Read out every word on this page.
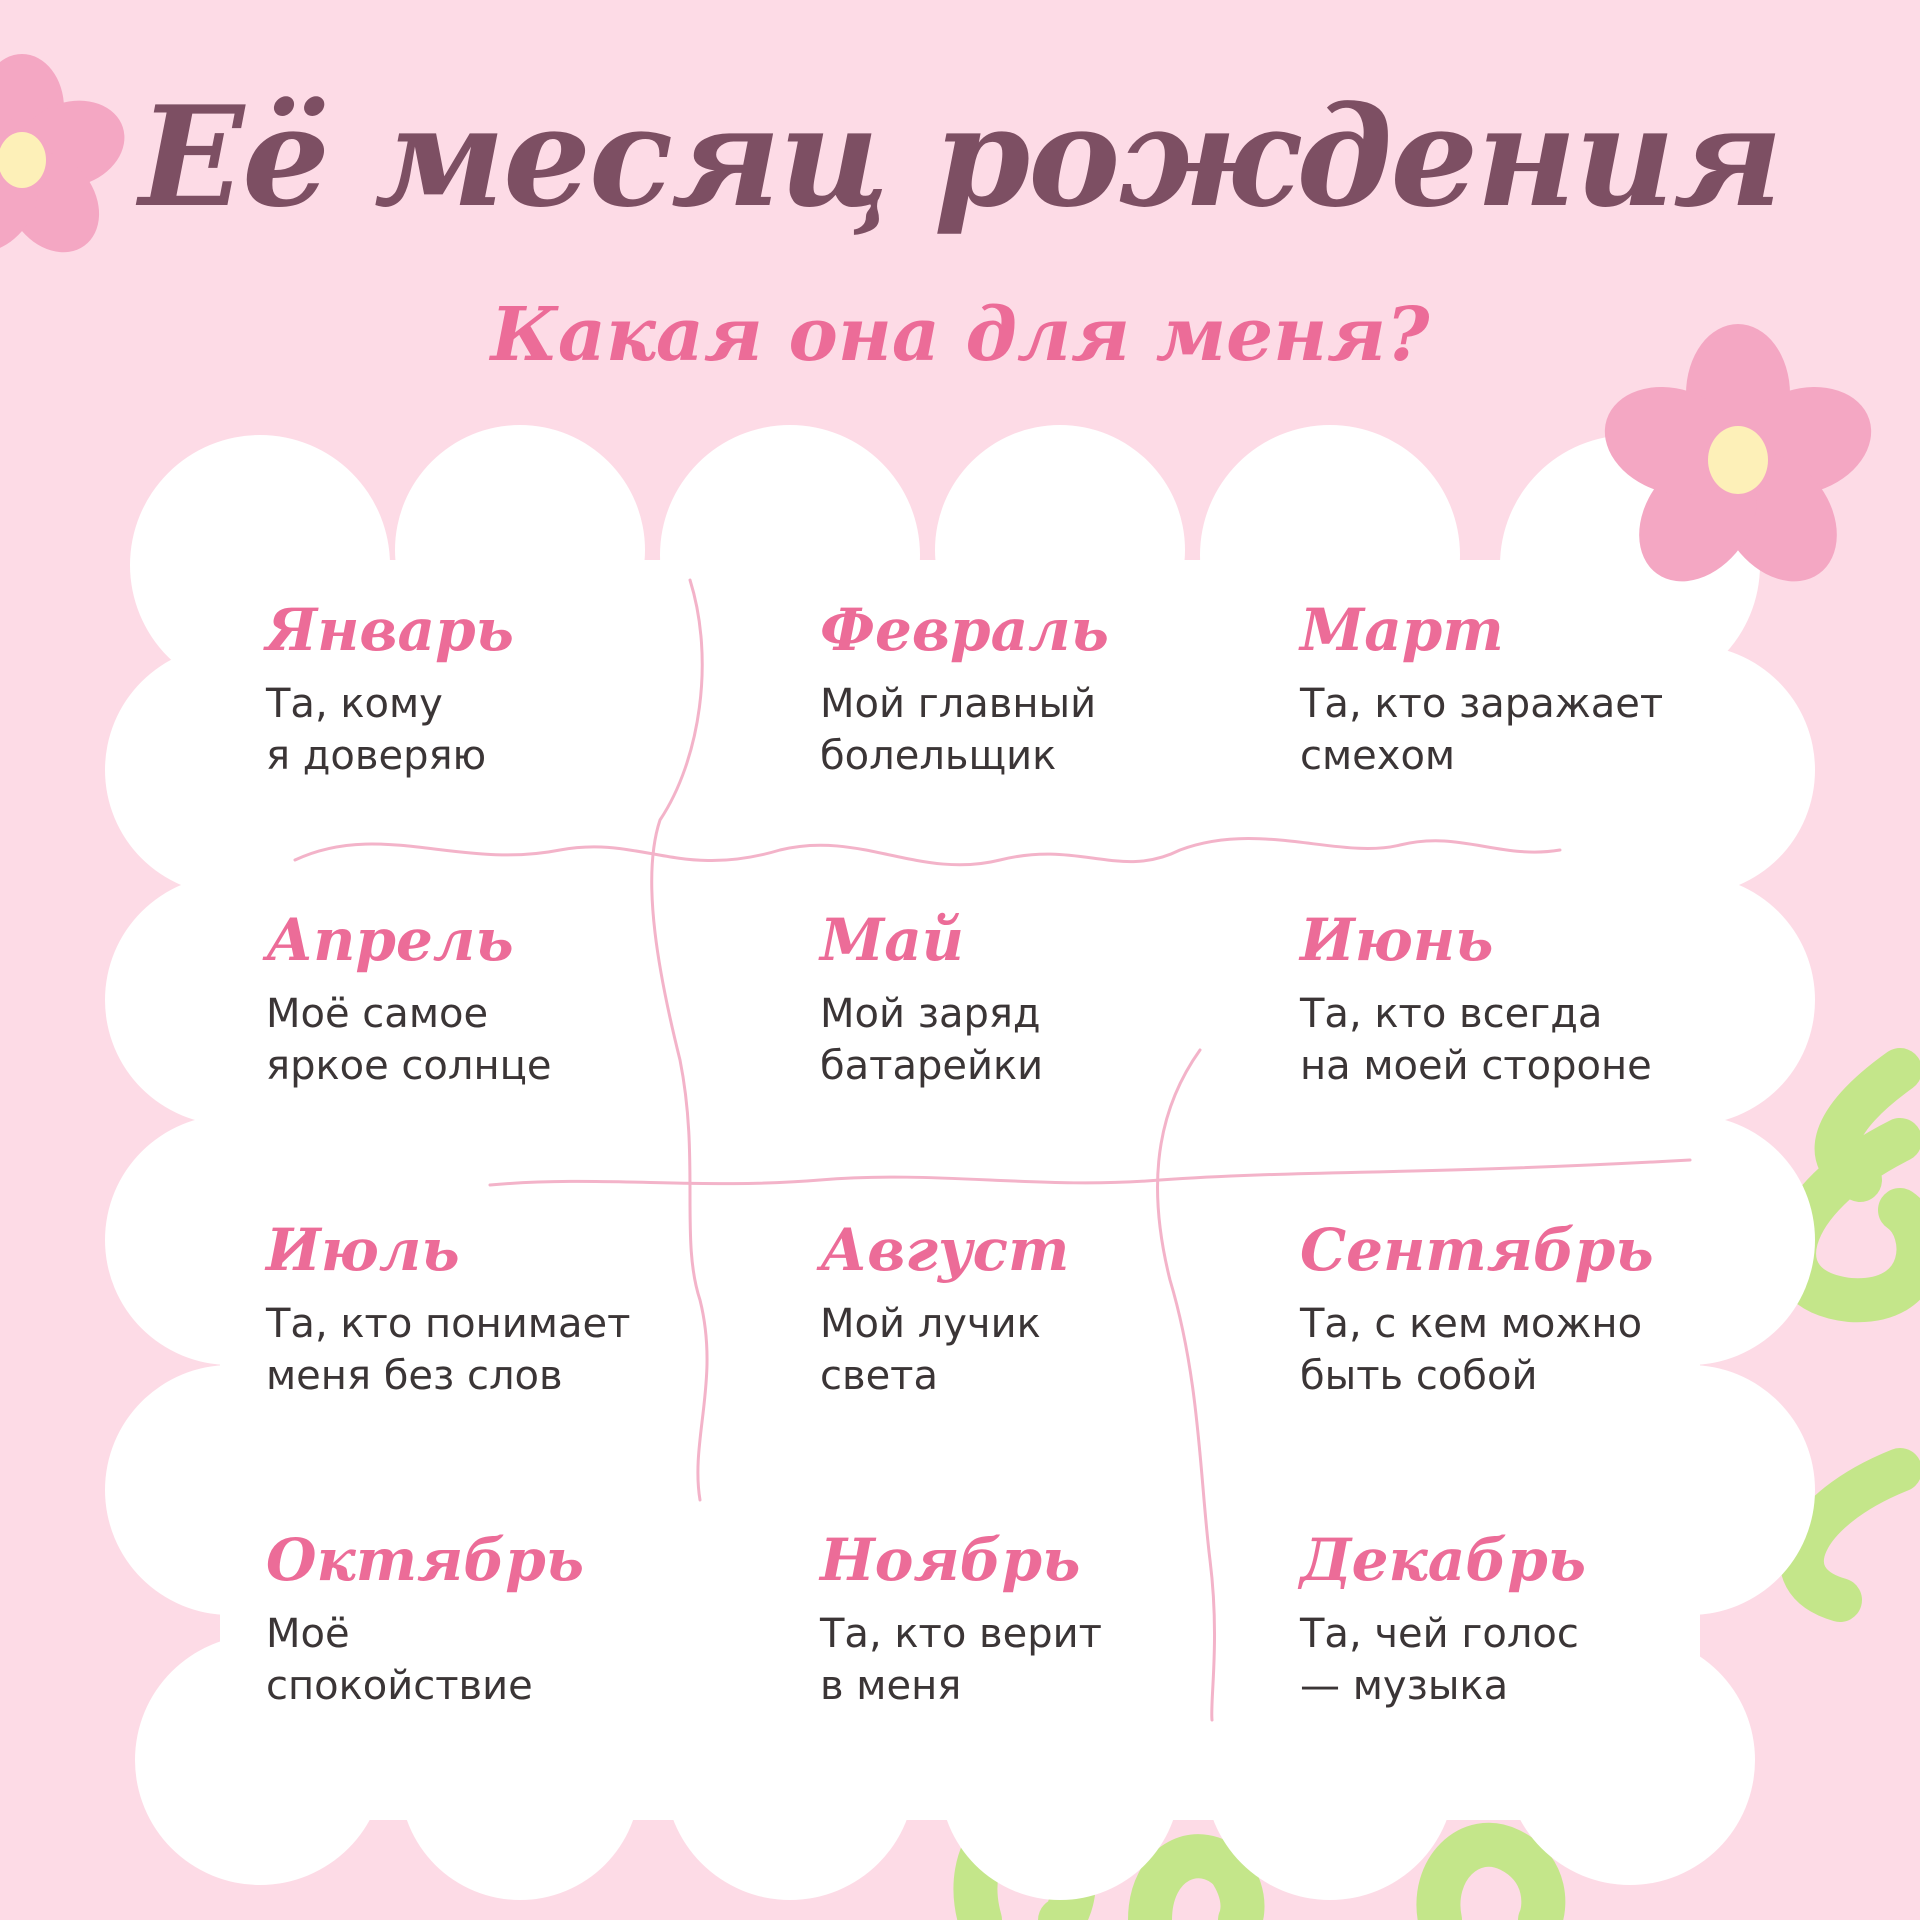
Её месяц рождения
Какая она для меня?

Январь

Та, кому
я доверяю

Февраль

Мой главный
болельщик

Март

Та, кто заражает
смехом

Апрель

Моё самое
яркое солнце

Май

Мой заряд
батарейки

Июнь

Та, кто всегда
на моей стороне

Июль

Та, кто понимает
меня без слов

Август

Мой лучик
света

Сентябрь

Та, с кем можно
быть собой

Октябрь

Моё
спокойствие

Ноябрь

Та, кто верит
в меня

Декабрь

Та, чей голос
— музыка
